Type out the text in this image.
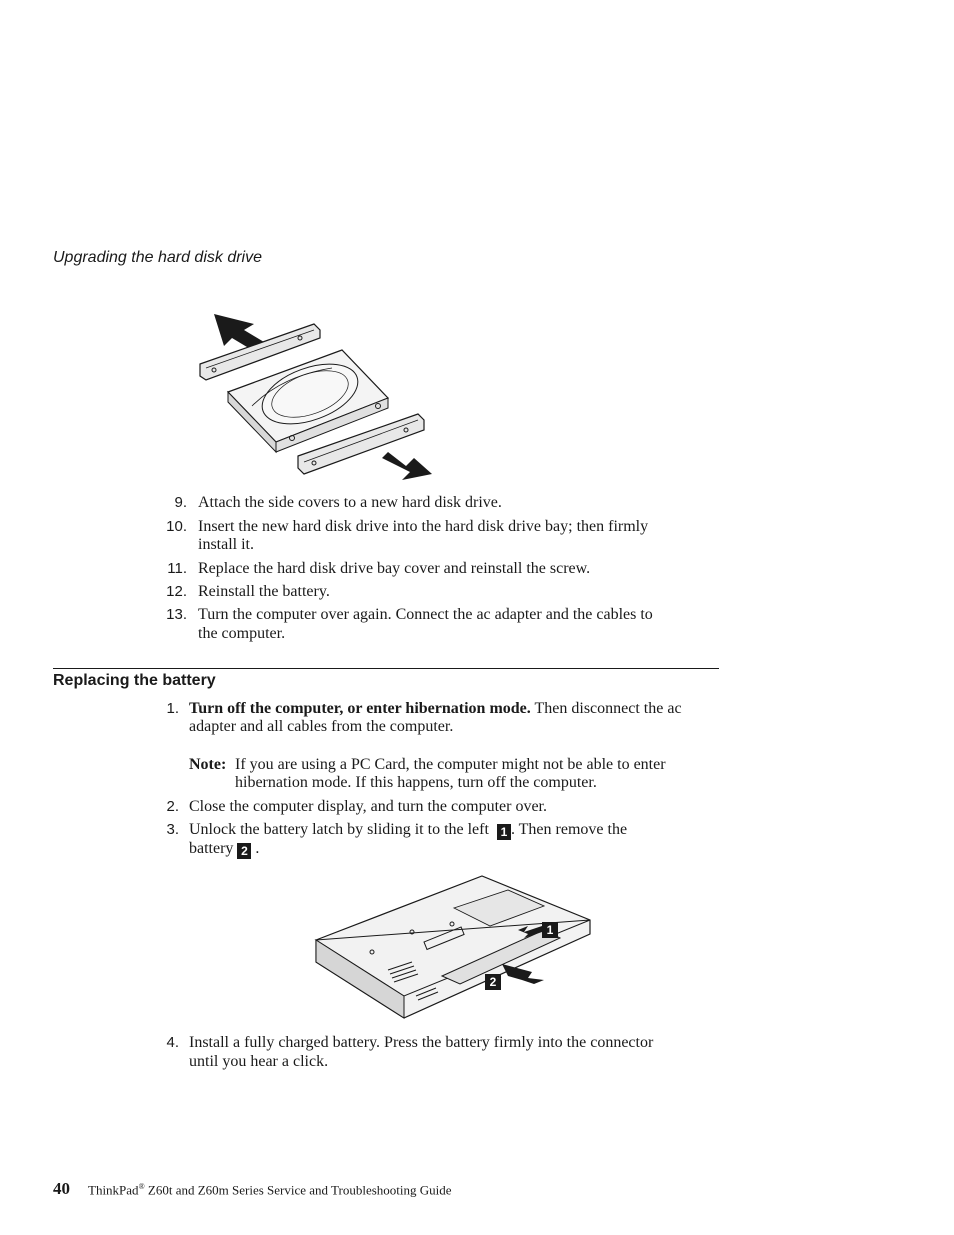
Upgrading the hard disk drive
9. Attach the side covers to a new hard disk drive.
10. Insert the new hard disk drive into the hard disk drive bay; then firmly
install it.
11. Replace the hard disk drive bay cover and reinstall the screw.
12. Reinstall the battery.
13. Turn the computer over again. Connect the ac adapter and the cables to
the computer.
Replacing the battery
1. Turn off the computer, or enter hibernation mode. Then disconnect the ac
adapter and all cables from the computer.
Note: If you are using a PC Card, the computer might not be able to enter
hibernation mode. If this happens, turn off the computer.
2. Close the computer display, and turn the computer over.
3. Unlock the battery latch by sliding it to the left 1 . Then remove the
battery 2 .
1
2
4. Install a fully charged battery. Press the battery firmly into the connector
until you hear a click.
40 ThinkPad® Z60t and Z60m Series Service and Troubleshooting Guide
